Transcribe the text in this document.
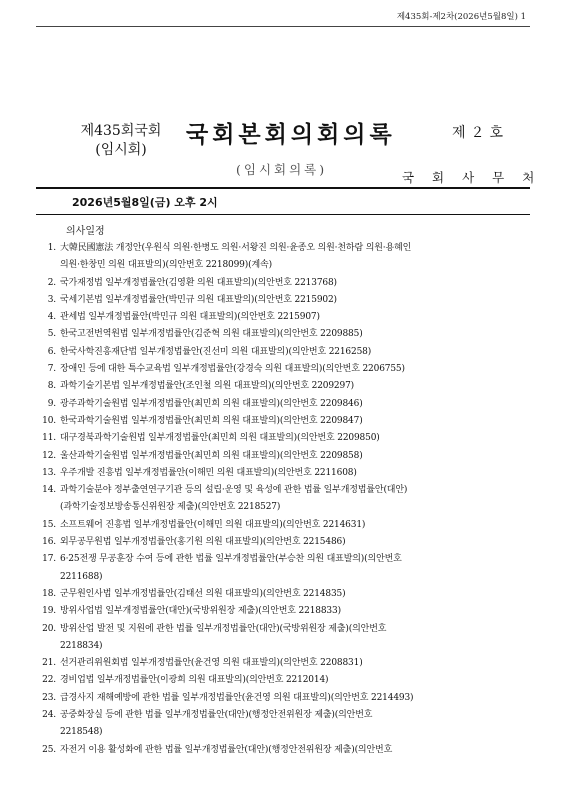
제435회-제2차(2026년5월8일) 1
제435회국회
(임시회)
국회본회의회의록	제２호
(임시회의록)
국 회 사 무 처
2026년5월8일(금) 오후 2시
의사일정
1. 大韓民國憲法 개정안(우원식 의원·한병도 의원·서왕진 의원·윤종오 의원·천하람 의원·용혜인
의원·한창민 의원 대표발의)(의안번호 2218099)(계속)
2. 국가재정법 일부개정법률안(김영환 의원 대표발의)(의안번호 2213768)
3. 국세기본법 일부개정법률안(박민규 의원 대표발의)(의안번호 2215902)
4. 관세법 일부개정법률안(박민규 의원 대표발의)(의안번호 2215907)
5. 한국고전번역원법 일부개정법률안(김준혁 의원 대표발의)(의안번호 2209885)
6. 한국사학진흥재단법 일부개정법률안(진선미 의원 대표발의)(의안번호 2216258)
7. 장애인 등에 대한 특수교육법 일부개정법률안(강경숙 의원 대표발의)(의안번호 2206755)
8. 과학기술기본법 일부개정법률안(조인철 의원 대표발의)(의안번호 2209297)
9. 광주과학기술원법 일부개정법률안(최민희 의원 대표발의)(의안번호 2209846)
10. 한국과학기술원법 일부개정법률안(최민희 의원 대표발의)(의안번호 2209847)
11. 대구경북과학기술원법 일부개정법률안(최민희 의원 대표발의)(의안번호 2209850)
12. 울산과학기술원법 일부개정법률안(최민희 의원 대표발의)(의안번호 2209858)
13. 우주개발 진흥법 일부개정법률안(이해민 의원 대표발의)(의안번호 2211608)
14. 과학기술분야 정부출연연구기관 등의 설립·운영 및 육성에 관한 법률 일부개정법률안(대안)
(과학기술정보방송통신위원장 제출)(의안번호 2218527)
15. 소프트웨어 진흥법 일부개정법률안(이해민 의원 대표발의)(의안번호 2214631)
16. 외무공무원법 일부개정법률안(홍기원 의원 대표발의)(의안번호 2215486)
17. 6·25전쟁 무공훈장 수여 등에 관한 법률 일부개정법률안(부승찬 의원 대표발의)(의안번호
2211688)
18. 군무원인사법 일부개정법률안(김태선 의원 대표발의)(의안번호 2214835)
19. 방위사업법 일부개정법률안(대안)(국방위원장 제출)(의안번호 2218833)
20. 방위산업 발전 및 지원에 관한 법률 일부개정법률안(대안)(국방위원장 제출)(의안번호
2218834)
21. 선거관리위원회법 일부개정법률안(윤건영 의원 대표발의)(의안번호 2208831)
22. 경비업법 일부개정법률안(이광희 의원 대표발의)(의안번호 2212014)
23. 급경사지 재해예방에 관한 법률 일부개정법률안(윤건영 의원 대표발의)(의안번호 2214493)
24. 공중화장실 등에 관한 법률 일부개정법률안(대안)(행정안전위원장 제출)(의안번호
2218548)
25. 자전거 이용 활성화에 관한 법률 일부개정법률안(대안)(행정안전위원장 제출)(의안번호
